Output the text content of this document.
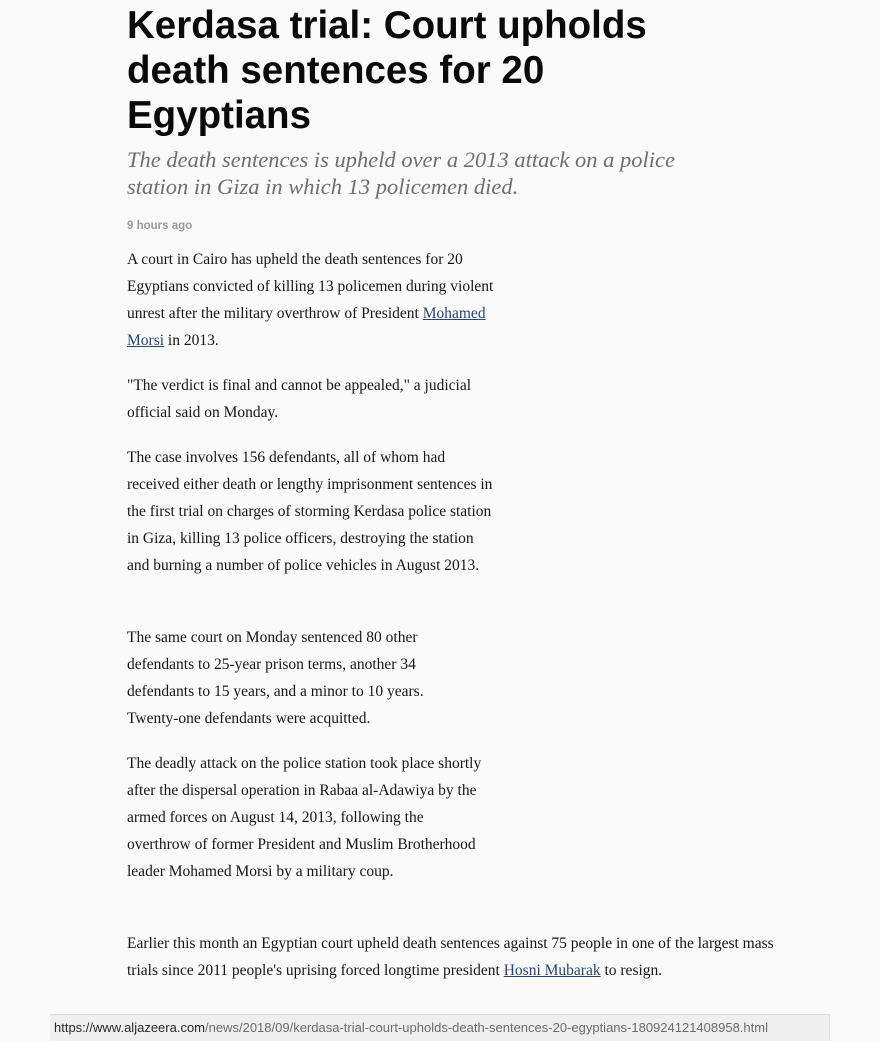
Kerdasa trial: Court upholds death sentences for 20 Egyptians
The death sentences is upheld over a 2013 attack on a police station in Giza in which 13 policemen died.
9 hours ago

A court in Cairo has upheld the death sentences for 20 Egyptians convicted of killing 13 policemen during violent unrest after the military overthrow of President Mohamed Morsi in 2013.

"The verdict is final and cannot be appealed," a judicial official said on Monday.

The case involves 156 defendants, all of whom had received either death or lengthy imprisonment sentences in the first trial on charges of storming Kerdasa police station in Giza, killing 13 police officers, destroying the station and burning a number of police vehicles in August 2013.

The same court on Monday sentenced 80 other defendants to 25-year prison terms, another 34 defendants to 15 years, and a minor to 10 years. Twenty-one defendants were acquitted.

The deadly attack on the police station took place shortly after the dispersal operation in Rabaa al-Adawiya by the armed forces on August 14, 2013, following the overthrow of former President and Muslim Brotherhood leader Mohamed Morsi by a military coup.

Earlier this month an Egyptian court upheld death sentences against 75 people in one of the largest mass trials since 2011 people's uprising forced longtime president Hosni Mubarak to resign.

https://www.aljazeera.com/news/2018/09/kerdasa-trial-court-upholds-death-sentences-20-egyptians-180924121408958.html
